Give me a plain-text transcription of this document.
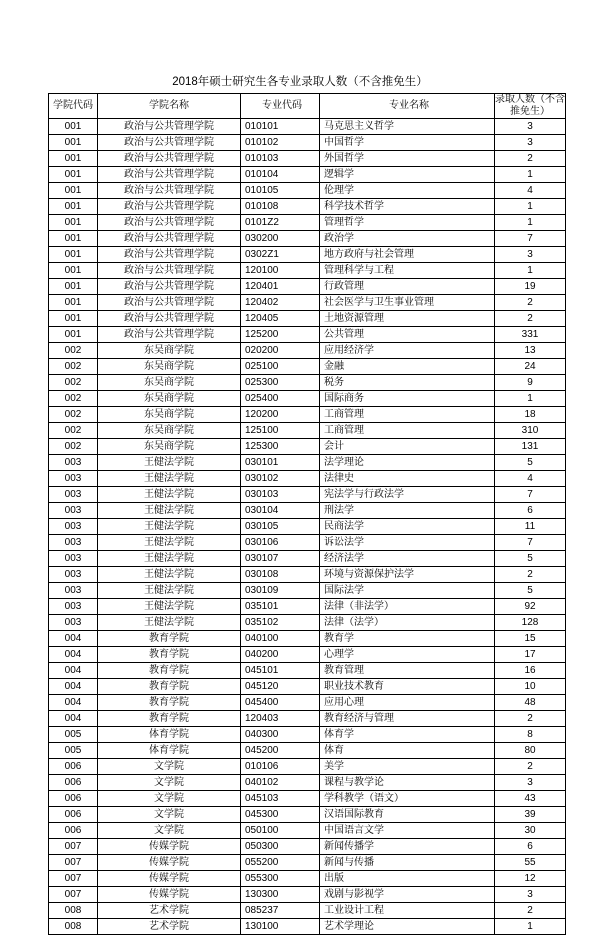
2018年硕士研究生各专业录取人数（不含推免生）
学院代码	学院名称	专业代码	专业名称	录取人数（不含推免生）
001	政治与公共管理学院	010101	马克思主义哲学	3
001	政治与公共管理学院	010102	中国哲学	3
001	政治与公共管理学院	010103	外国哲学	2
001	政治与公共管理学院	010104	逻辑学	1
001	政治与公共管理学院	010105	伦理学	4
001	政治与公共管理学院	010108	科学技术哲学	1
001	政治与公共管理学院	0101Z2	管理哲学	1
001	政治与公共管理学院	030200	政治学	7
001	政治与公共管理学院	0302Z1	地方政府与社会管理	3
001	政治与公共管理学院	120100	管理科学与工程	1
001	政治与公共管理学院	120401	行政管理	19
001	政治与公共管理学院	120402	社会医学与卫生事业管理	2
001	政治与公共管理学院	120405	土地资源管理	2
001	政治与公共管理学院	125200	公共管理	331
002	东吴商学院	020200	应用经济学	13
002	东吴商学院	025100	金融	24
002	东吴商学院	025300	税务	9
002	东吴商学院	025400	国际商务	1
002	东吴商学院	120200	工商管理	18
002	东吴商学院	125100	工商管理	310
002	东吴商学院	125300	会计	131
003	王健法学院	030101	法学理论	5
003	王健法学院	030102	法律史	4
003	王健法学院	030103	宪法学与行政法学	7
003	王健法学院	030104	刑法学	6
003	王健法学院	030105	民商法学	11
003	王健法学院	030106	诉讼法学	7
003	王健法学院	030107	经济法学	5
003	王健法学院	030108	环境与资源保护法学	2
003	王健法学院	030109	国际法学	5
003	王健法学院	035101	法律（非法学）	92
003	王健法学院	035102	法律（法学）	128
004	教育学院	040100	教育学	15
004	教育学院	040200	心理学	17
004	教育学院	045101	教育管理	16
004	教育学院	045120	职业技术教育	10
004	教育学院	045400	应用心理	48
004	教育学院	120403	教育经济与管理	2
005	体育学院	040300	体育学	8
005	体育学院	045200	体育	80
006	文学院	010106	美学	2
006	文学院	040102	课程与教学论	3
006	文学院	045103	学科教学（语文）	43
006	文学院	045300	汉语国际教育	39
006	文学院	050100	中国语言文学	30
007	传媒学院	050300	新闻传播学	6
007	传媒学院	055200	新闻与传播	55
007	传媒学院	055300	出版	12
007	传媒学院	130300	戏剧与影视学	3
008	艺术学院	085237	工业设计工程	2
008	艺术学院	130100	艺术学理论	1
